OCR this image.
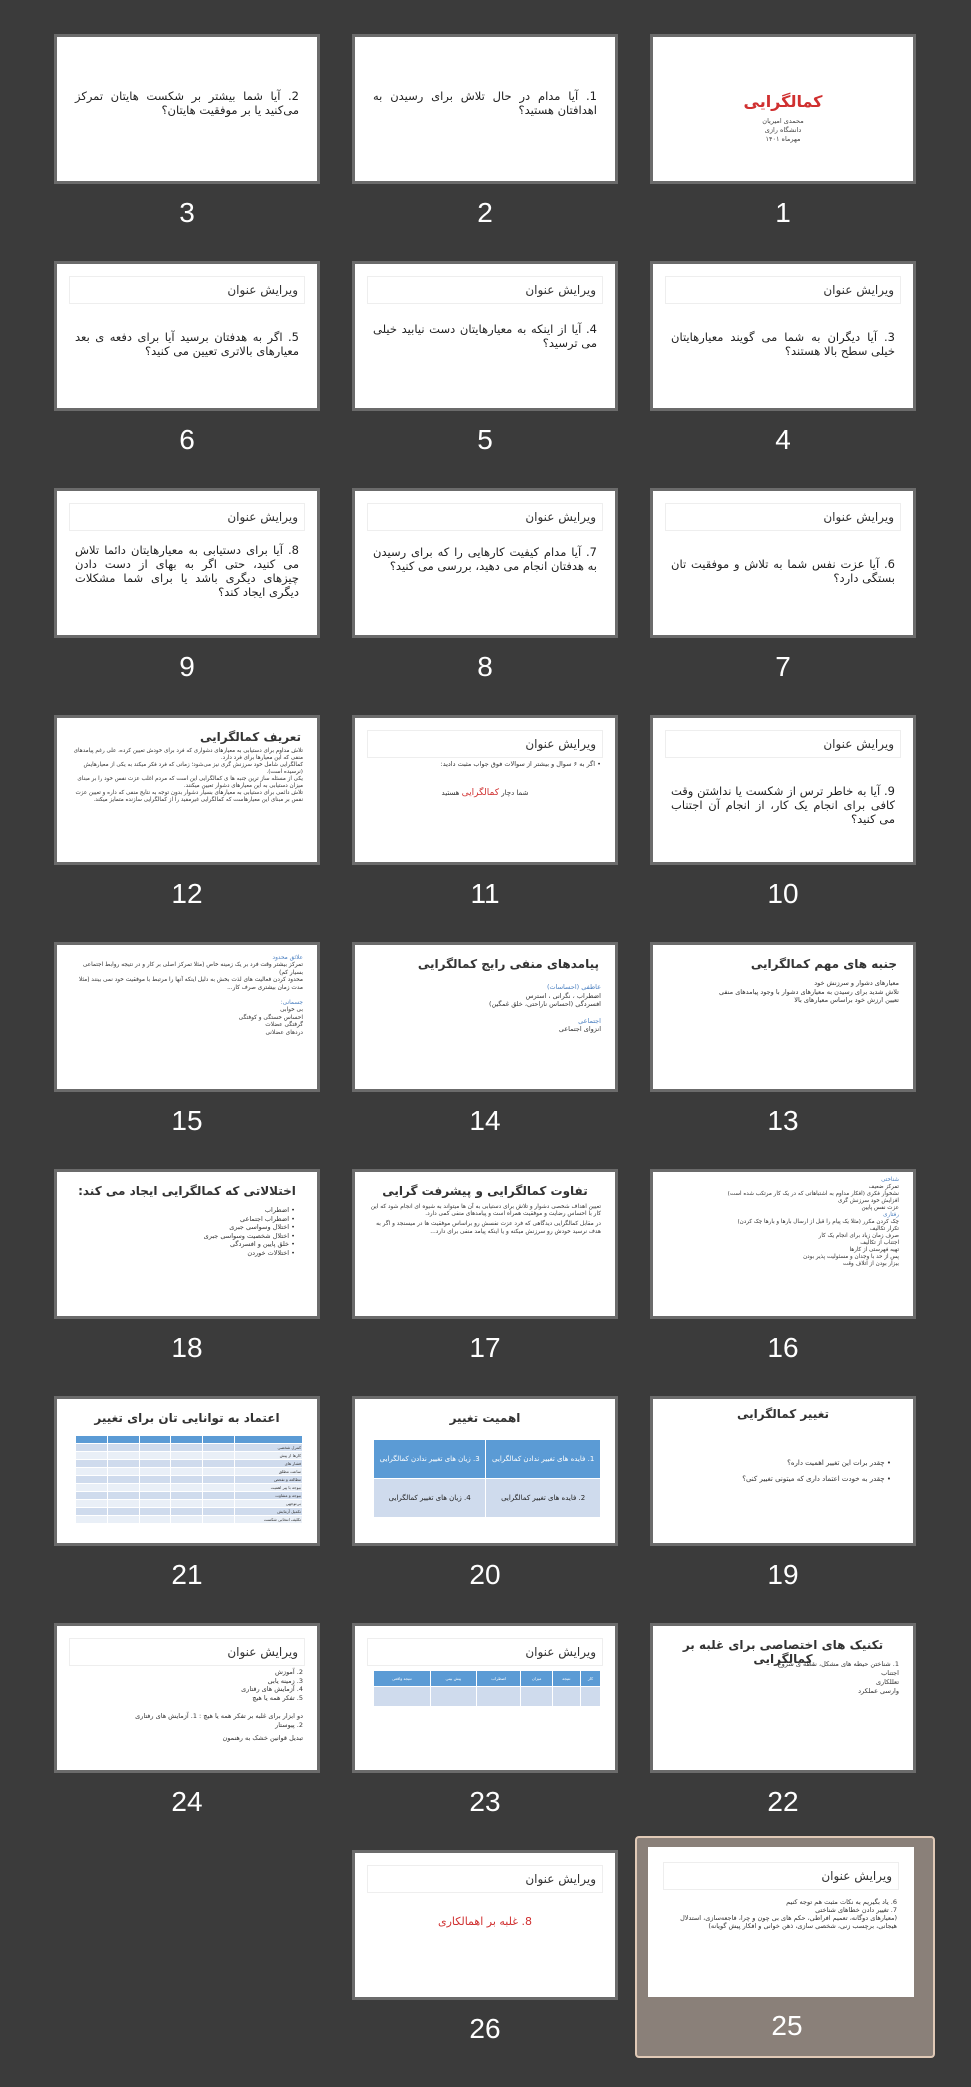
کمالگرایی
محمدی امیریان
دانشگاه رازی
مهرماه ۱۴۰۱
1
1. آیا مدام در حال تلاش برای رسیدن به اهدافتان هستید؟
2
2. آیا شما بیشتر بر شکست هایتان تمرکز می‌کنید یا بر موفقیت هایتان؟
3
ویرایش عنوان
3. آیا دیگران به شما می گویند معیارهایتان خیلی سطح بالا هستند؟
4
ویرایش عنوان
4. آیا از اینکه به معیارهایتان دست نیابید خیلی می ترسید؟
5
ویرایش عنوان
5. اگر به هدفتان برسید آیا برای دفعه ی بعد معیارهای بالاتری تعیین می کنید؟
6
ویرایش عنوان
6. آیا عزت نفس شما به تلاش و موفقیت تان بستگی دارد؟
7
ویرایش عنوان
7. آیا مدام کیفیت کارهایی را که برای رسیدن به هدفتان انجام می دهید، بررسی می کنید؟
8
ویرایش عنوان
8. آیا برای دستیابی به معیارهایتان دائما تلاش می کنید، حتی اگر به بهای از دست دادن چیزهای دیگری باشد یا برای شما مشکلات دیگری ایجاد کند؟
9
ویرایش عنوان
9. آیا به خاطر ترس از شکست یا نداشتن وقت کافی برای انجام یک کار، از انجام آن اجتناب می کنید؟
10
ویرایش عنوان
• اگر به ۶ سوال و بیشتر از سوالات فوق جواب مثبت دادید:
شما دچار کمالگرایی هستید
11
تعریف کمالگرایی
تلاش مداوم برای دستیابی به معیارهای دشواری که فرد برای خودش تعیین کرده، علی رغم پیامدهای منفی که این معیارها برای فرد دارد.
کمالگرایی شامل خود سرزنش گری نیز می‌شود؛ زمانی که فرد فکر میکند به یکی از معیارهایش (نرسیده است).
یکی از مسئله ساز ترین جنبه ها ی کمالگرایی این است که مردم اغلب عزت نفس خود را بر مبنای میزان دستیابی به این معیارهای دشوار تعیین میکنند.
تلاش دائمی برای دستیابی به معیارهای بسیار دشوار بدون توجه به نتایج منفی که داره و تعیین عزت نفس بر مبنای این معیارهاست که کمالگرایی غیرمفید را از کمالگرایی سازنده متمایز میکند.
12
جنبه های مهم کمالگرایی
معیارهای دشوار و سرزنش خود
تلاش شدید برای رسیدن به معیارهای دشوار با وجود پیامدهای منفی
تعیین ارزش خود براساس معیارهای بالا
13
پیامدهای منفی رایج کمالگرایی
عاطفی (احساسات)
اضطراب ، نگرانی ، استرس
افسردگی (احساس ناراحتی، خلق غمگین)
اجتماعی
انزوای اجتماعی
14
علائق محدود
تمرکز بیشتر وقت فرد بر یک زمینه خاص (مثلا تمرکز اصلی بر کار و در نتیجه روابط اجتماعی بسیار کم)
محدود کردن فعالیت های لذت بخش به دلیل اینکه آنها را مرتبط با موفقیت خود نمی بینند (مثلا مدت زمان بیشتری صرف کار...
جسمانی:
بی خوابی
احساس خستگی و کوفتگی
گرفتگی عضلات
دردهای عضلانی
15
شناختی
تمرکز ضعیف
نشخوار فکری (افکار مداوم به اشتباهاتی که در یک کار مرتکب شده است)
افزایش خود سرزنش گری
عزت نفس پایین
رفتاری
چک کردن مکرر (مثلا یک پیام را قبل از ارسال بارها و بارها چک کردن)
تکرار تکالیف
صرف زمان زیاد برای انجام یک کار
اجتناب از تکالیف
تهیه فهرستی از کارها
پس از حد با وجدان و مسئولیت پذیر بودن
بیزار بودن از اتلاف وقت
16
تفاوت کمالگرایی و پیشرفت گرایی
تعیین اهداف شخصی دشوار و تلاش برای دستیابی به آن ها میتواند به شیوه ای انجام شود که این کار با احساس رضایت و موفقیت همراه است و پیامدهای منفی کمی دارد.
در مقابل کمالگرایی دیدگاهی که فرد عزت نفسش رو براساس موفقیت ها در میسنجد و اگر به هدف نرسید خودش رو سرزنش میکنه و یا اینکه پیامد منفی برای دارد...
17
اختلالاتی که کمالگرایی ایجاد می کند:
• اضطراب
• اضطراب اجتماعی
• اختلال وسواسی جبری
• اختلال شخصیت وسواسی جبری
• خلق پایین و افسردگی
• اختلالات خوردن
18
تغییر کمالگرایی
• چقدر برات این تغییر اهمیت داره؟
• چقدر به خودت اعتماد داری که میتونی تغییر کنی؟
19
اهمیت تغییر
1. فایده های تغییر ندادن کمالگرایی	3. زیان های تغییر ندادن کمالگرایی
2. فایده های تغییر کمالگرایی	4. زیان های تغییر کمالگرایی
20
اعتماد به توانایی تان برای تغییر

کنترل شخصی					
کارها از پیش					
فشار های					
ساعت مطلق					
مطالعه و تفحص					
بیوجه با پیر اهمیت					
بیوجه و متفاوت					
بی‌توجهی					
تکمیل آزمایش					
تکلیف انتخابی شکست					
21
تکنیک های اختصاصی برای غلبه بر کمالگرایی
1. شناختن حیطه های مشکل، نقطه ی شروع
اجتناب
تعللکاری
وارسی عملکرد
22
ویرایش عنوان
کار	نتیجه	میزان	اضطراب	پیش بینی	نتیجه واقعی

23
ویرایش عنوان
2. آموزش
3. زمینه یابی
4. آزمایش های رفتاری
5. تفکر همه یا هیچ
دو ابزار برای غلبه بر تفکر همه یا هیچ : 1. آزمایش های رفتاری
2. پیوستار
تبدیل قوانین خشک به رهنمون
24
ویرایش عنوان
6. یاد بگیریم به نکات مثبت هم توجه کنیم
7. تغییر دادن خطاهای شناختی
(معیارهای دوگانه، تعمیم افراطی، حکم های بی چون و چرا، فاجعه‌سازی، استدلال هیجانی، برچسب زنی، شخصی سازی، ذهن خوانی و افکار پیش گویانه)
25
ویرایش عنوان
8. غلبه بر اهمالکاری
26
